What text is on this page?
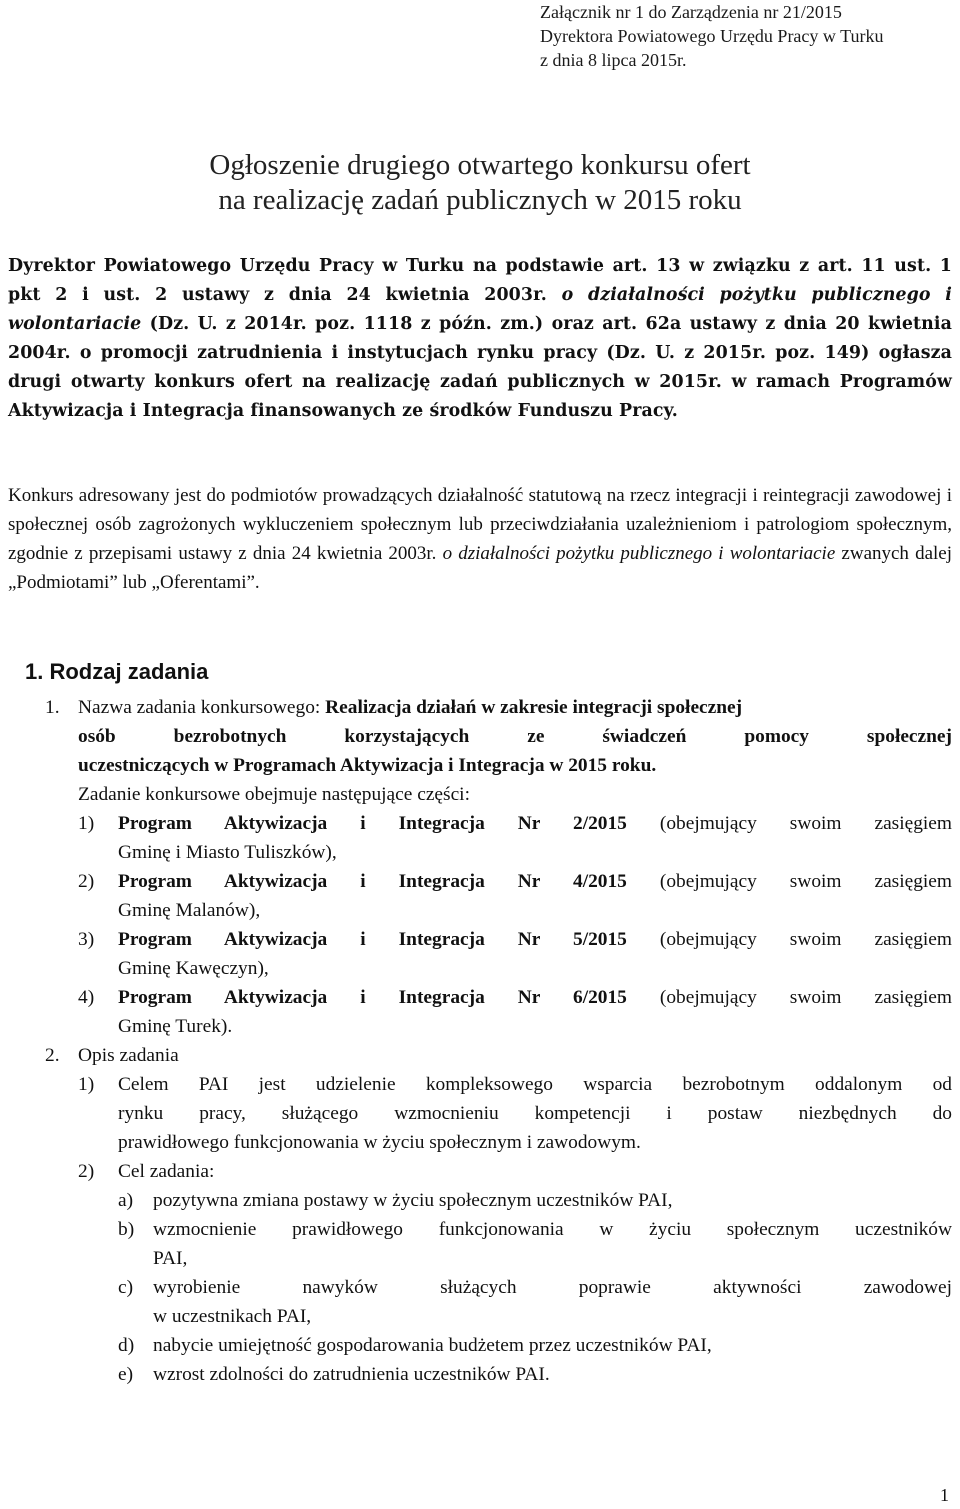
Załącznik nr 1 do Zarządzenia nr 21/2015
Dyrektora Powiatowego Urzędu Pracy w Turku
z dnia 8 lipca 2015r.
Ogłoszenie drugiego otwartego konkursu ofert
na realizację zadań publicznych w 2015 roku
Dyrektor Powiatowego Urzędu Pracy w Turku na podstawie art. 13 w związku z art. 11 ust. 1 pkt 2 i ust. 2 ustawy z dnia 24 kwietnia 2003r. o działalności pożytku publicznego i wolontariacie (Dz. U. z 2014r. poz. 1118 z późn. zm.) oraz art. 62a ustawy z dnia 20 kwietnia 2004r. o promocji zatrudnienia i instytucjach rynku pracy (Dz. U. z 2015r. poz. 149) ogłasza drugi otwarty konkurs ofert na realizację zadań publicznych w 2015r. w ramach Programów Aktywizacja i Integracja finansowanych ze środków Funduszu Pracy.
Konkurs adresowany jest do podmiotów prowadzących działalność statutową na rzecz integracji i reintegracji zawodowej i społecznej osób zagrożonych wykluczeniem społecznym lub przeciwdziałania uzależnieniom i patrologiom społecznym, zgodnie z przepisami ustawy z dnia 24 kwietnia 2003r. o działalności pożytku publicznego i wolontariacie zwanych dalej „Podmiotami” lub „Oferentami”.
1. Rodzaj zadania
1. Nazwa zadania konkursowego: Realizacja działań w zakresie integracji społecznej
osób bezrobotnych korzystających ze świadczeń pomocy społecznej
uczestniczących w Programach Aktywizacja i Integracja w 2015 roku.
Zadanie konkursowe obejmuje następujące części:
1) Program Aktywizacja i Integracja Nr 2/2015 (obejmujący swoim zasięgiem
Gminę i Miasto Tuliszków),
2) Program Aktywizacja i Integracja Nr 4/2015 (obejmujący swoim zasięgiem
Gminę Malanów),
3) Program Aktywizacja i Integracja Nr 5/2015 (obejmujący swoim zasięgiem
Gminę Kawęczyn),
4) Program Aktywizacja i Integracja Nr 6/2015 (obejmujący swoim zasięgiem
Gminę Turek).
2. Opis zadania
1) Celem PAI jest udzielenie kompleksowego wsparcia bezrobotnym oddalonym od
rynku pracy, służącego wzmocnieniu kompetencji i postaw niezbędnych do
prawidłowego funkcjonowania w życiu społecznym i zawodowym.
2) Cel zadania:
a) pozytywna zmiana postawy w życiu społecznym uczestników PAI,
b) wzmocnienie prawidłowego funkcjonowania w życiu społecznym uczestników
PAI,
c) wyrobienie nawyków służących poprawie aktywności zawodowej
w uczestnikach PAI,
d) nabycie umiejętność gospodarowania budżetem przez uczestników PAI,
e) wzrost zdolności do zatrudnienia uczestników PAI.
1
